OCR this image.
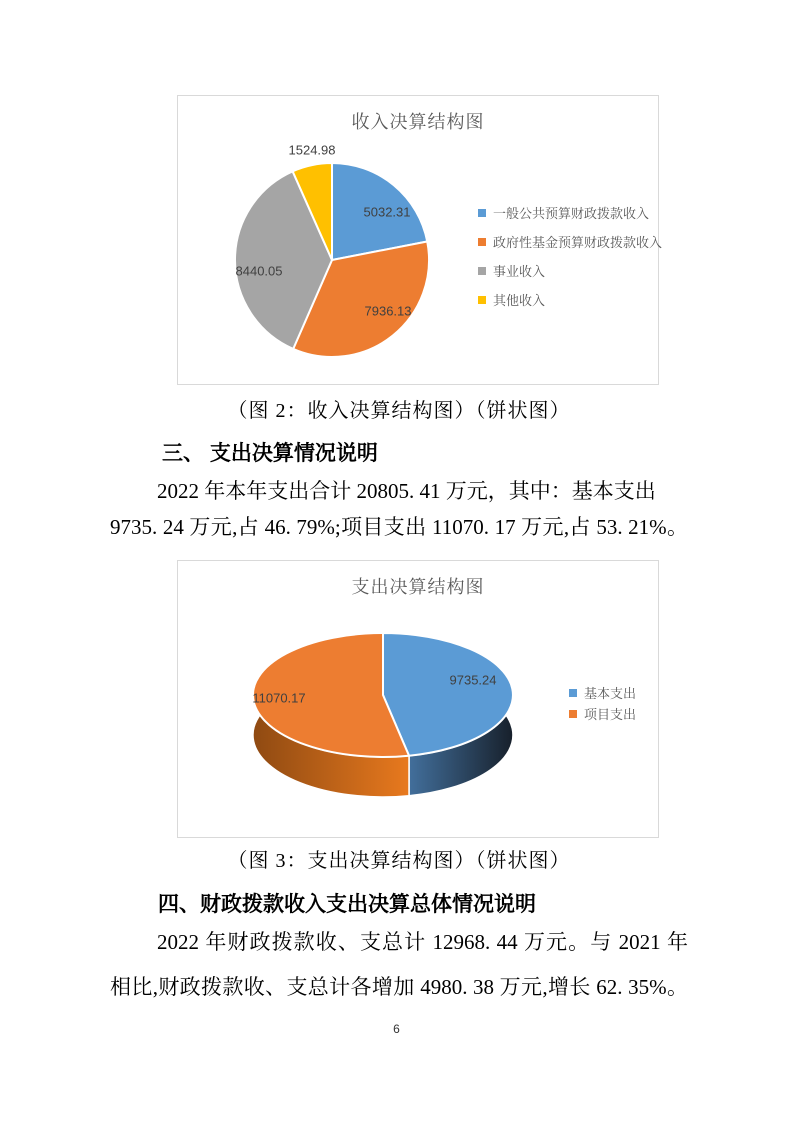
收入决算结构图
1524.98
5032.31
8440.05
7936.13
一般公共预算财政拨款收入
政府性基金预算财政拨款收入
事业收入
其他收入
（图 2：收入决算结构图）（饼状图）
三、 支出决算情况说明
2022 年本年支出合计 20805. 41 万元，其中：基本支出
9735. 24 万元,占 46. 79%;项目支出 11070. 17 万元,占 53. 21%。
支出决算结构图
9735.24
11070.17	基本支出
项目支出
（图 3：支出决算结构图）（饼状图）
四、财政拨款收入支出决算总体情况说明
2022 年财政拨款收、支总计 12968. 44 万元。与 2021 年
相比,财政拨款收、支总计各增加 4980. 38 万元,增长 62. 35%。
6
